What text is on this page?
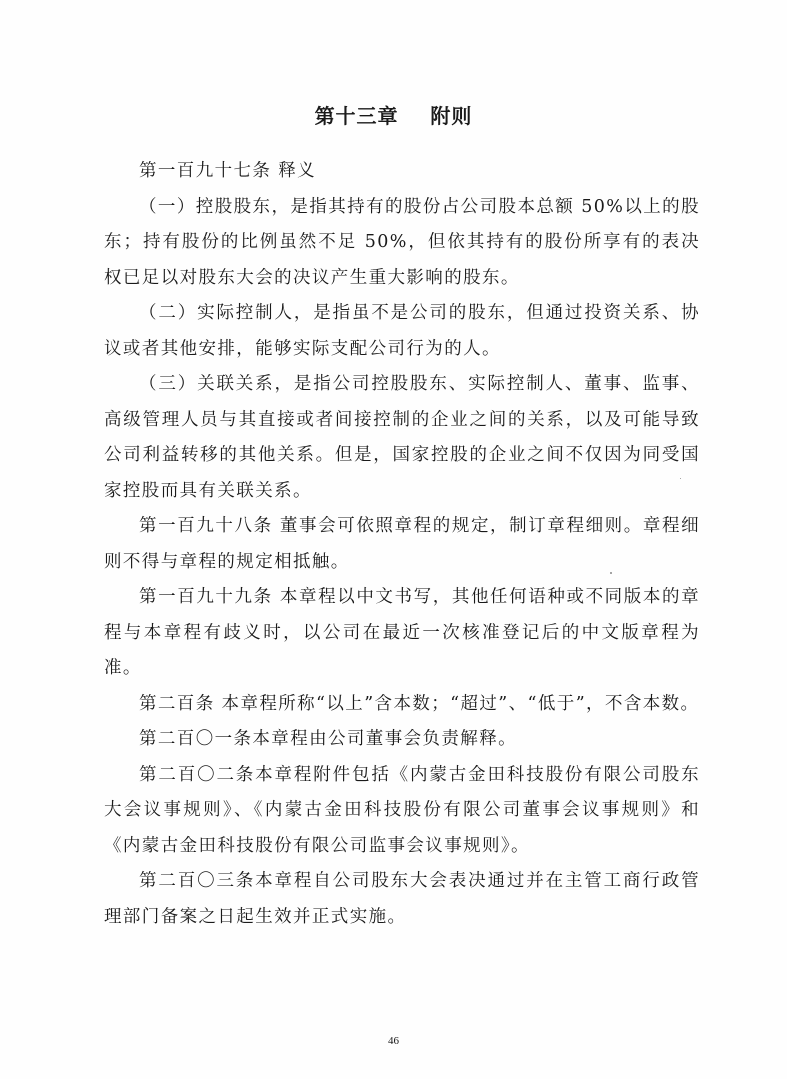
第十三章    附则

第一百九十七条 释义

（一）控股股东，是指其持有的股份占公司股本总额 50%以上的股东；持有股份的比例虽然不足 50%，但依其持有的股份所享有的表决权已足以对股东大会的决议产生重大影响的股东。

（二）实际控制人，是指虽不是公司的股东，但通过投资关系、协议或者其他安排，能够实际支配公司行为的人。

（三）关联关系，是指公司控股股东、实际控制人、董事、监事、高级管理人员与其直接或者间接控制的企业之间的关系，以及可能导致公司利益转移的其他关系。但是，国家控股的企业之间不仅因为同受国家控股而具有关联关系。

第一百九十八条 董事会可依照章程的规定，制订章程细则。章程细则不得与章程的规定相抵触。

第一百九十九条 本章程以中文书写，其他任何语种或不同版本的章程与本章程有歧义时，以公司在最近一次核准登记后的中文版章程为准。

第二百条 本章程所称“以上”含本数；“超过”、“低于”，不含本数。

第二百〇一条本章程由公司董事会负责解释。

第二百〇二条本章程附件包括《内蒙古金田科技股份有限公司股东大会议事规则》、《内蒙古金田科技股份有限公司董事会议事规则》和《内蒙古金田科技股份有限公司监事会议事规则》。

第二百〇三条本章程自公司股东大会表决通过并在主管工商行政管理部门备案之日起生效并正式实施。

46
